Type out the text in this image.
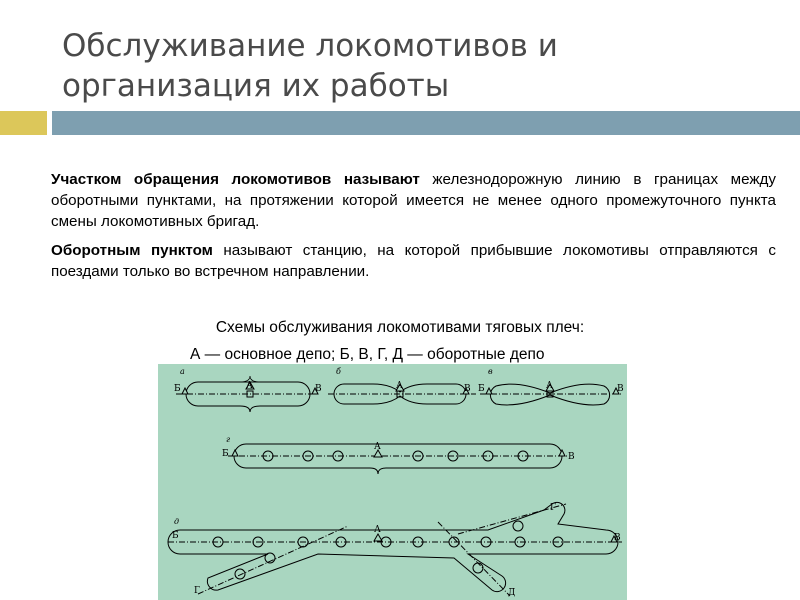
Обслуживание локомотивов и
организация их работы
Участком обращения локомотивов называют железнодорожную линию в границах между оборотными пунктами, на протяжении которой имеется не менее одного промежуточного пункта смены локомотивных бригад.
Оборотным пунктом называют станцию, на которой прибывшие локомотивы отправляются с поездами только во встречном направлении.
Схемы обслуживания локомотивами тяговых плеч:
А — основное депо; Б, В, Г, Д — оборотные депо
а	б	в
г
д
Б	А	В	А	В Б	А	В
Б
А
В
Б
Г
В
А
Г	Д
